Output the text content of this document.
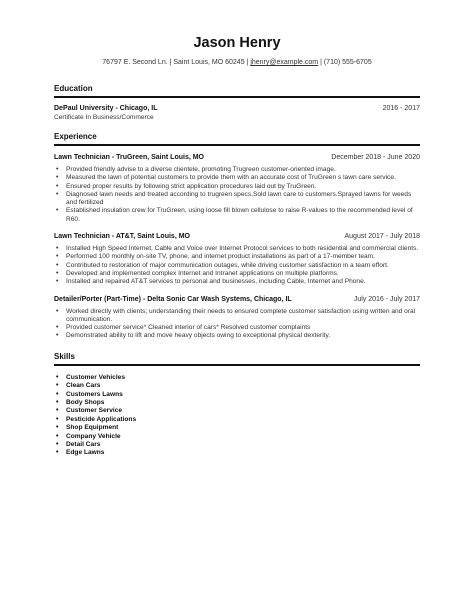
Jason Henry
76797 E. Second Ln. | Saint Louis, MO 60245 | jhenry@example.com | (710) 555-6705
Education
DePaul University - Chicago, IL	2016 - 2017
Certificate In Business/Commerce
Experience
Lawn Technician - TruGreen, Saint Louis, MO	December 2018 - June 2020
• Provided friendly advise to a diverse clientele, promoting Trugreen customer-oriented image.
• Measured the lawn of potential customers to provide them with an accurate cost of TruGreen s lawn care service.
• Ensured proper results by following strict application procedures laid out by TruGreen.
• Diagnosed lawn needs and treated according to trugreen specs.Sold lawn care to customers.Sprayed lawns for weeds and fertilized
• Established insulation crew for TruGreen, using loose fill blown cellulose to raise R-values to the recommended level of R60.
Lawn Technician - AT&T, Saint Louis, MO	August 2017 - July 2018
• Installed High Speed Internet, Cable and Voice over Internet Protocol services to both residential and commercial clients.
• Performed 100 monthly on-site TV, phone, and internet product installations as part of a 17-member team.
• Contributed to restoration of major communication outages, while driving customer satisfaction in a team effort.
• Developed and implemented complex Internet and Intranet applications on multiple platforms.
• Installed and repaired AT&T services to personal and businesses, including Cable, Internet and Phone.
Detailer/Porter (Part-Time) - Delta Sonic Car Wash Systems, Chicago, IL	July 2016 - July 2017
• Worked directly with clients; understanding their needs to ensured complete customer satisfaction using written and oral communication.
• Provided customer service* Cleaned interior of cars* Resolved customer complaints
• Demonstrated ability to lift and move heavy objects owing to exceptional physical dexterity.
Skills
• Customer Vehicles
• Clean Cars
• Customers Lawns
• Body Shops
• Customer Service
• Pesticide Applications
• Shop Equipment
• Company Vehicle
• Detail Cars
• Edge Lawns
